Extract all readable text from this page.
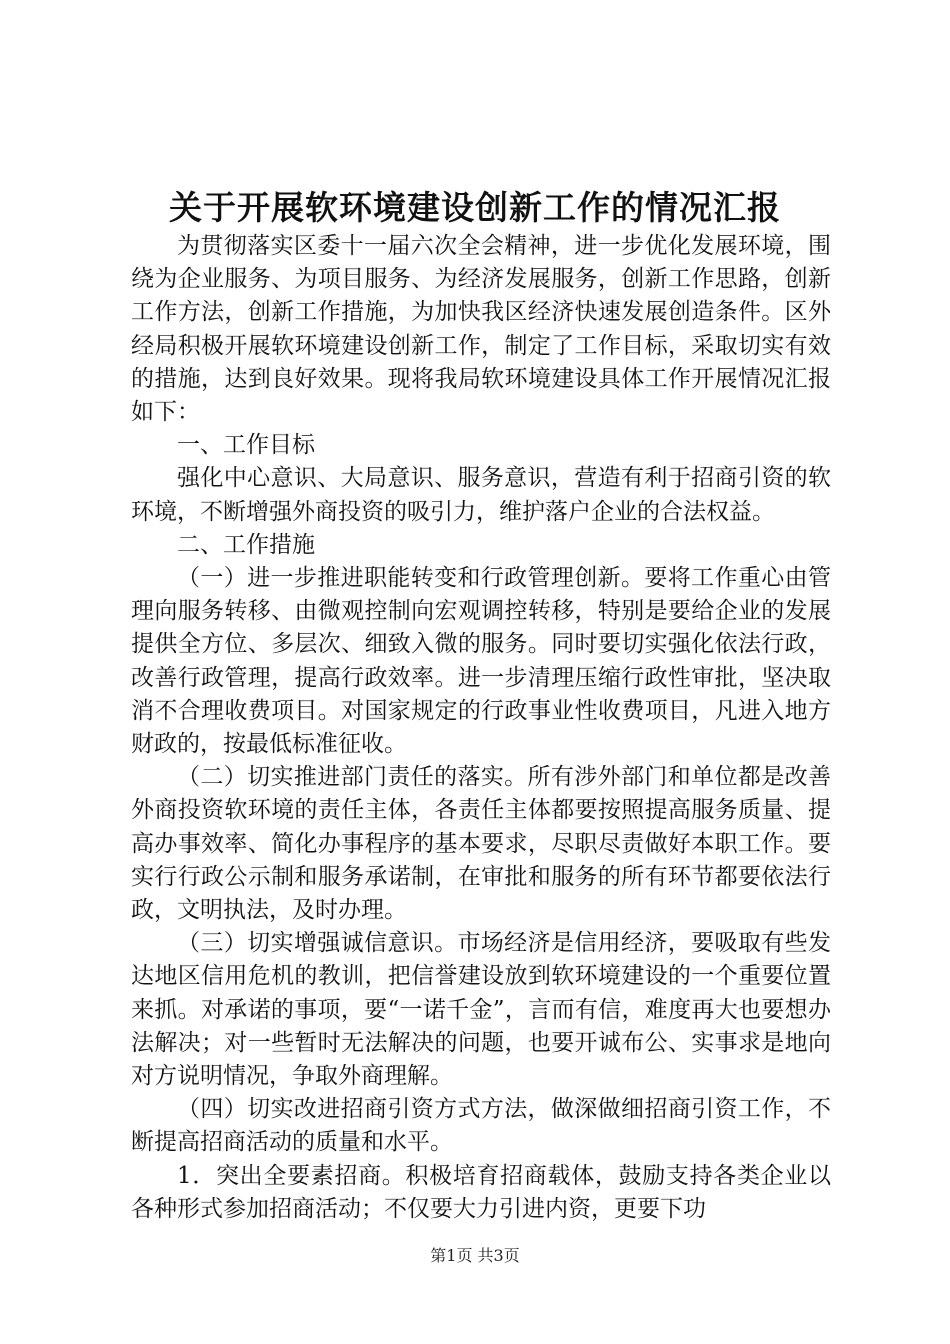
关于开展软环境建设创新工作的情况汇报

为贯彻落实区委十一届六次全会精神，进一步优化发展环境，围绕为企业服务、为项目服务、为经济发展服务，创新工作思路，创新工作方法，创新工作措施，为加快我区经济快速发展创造条件。区外经局积极开展软环境建设创新工作，制定了工作目标，采取切实有效的措施，达到良好效果。现将我局软环境建设具体工作开展情况汇报如下：

一、工作目标

强化中心意识、大局意识、服务意识，营造有利于招商引资的软环境，不断增强外商投资的吸引力，维护落户企业的合法权益。

二、工作措施

（一）进一步推进职能转变和行政管理创新。要将工作重心由管理向服务转移、由微观控制向宏观调控转移，特别是要给企业的发展提供全方位、多层次、细致入微的服务。同时要切实强化依法行政，改善行政管理，提高行政效率。进一步清理压缩行政性审批，坚决取消不合理收费项目。对国家规定的行政事业性收费项目，凡进入地方财政的，按最低标准征收。

（二）切实推进部门责任的落实。所有涉外部门和单位都是改善外商投资软环境的责任主体，各责任主体都要按照提高服务质量、提高办事效率、简化办事程序的基本要求，尽职尽责做好本职工作。要实行行政公示制和服务承诺制，在审批和服务的所有环节都要依法行政，文明执法，及时办理。

（三）切实增强诚信意识。市场经济是信用经济，要吸取有些发达地区信用危机的教训，把信誉建设放到软环境建设的一个重要位置来抓。对承诺的事项，要“一诺千金”，言而有信，难度再大也要想办法解决；对一些暂时无法解决的问题，也要开诚布公、实事求是地向对方说明情况，争取外商理解。

（四）切实改进招商引资方式方法，做深做细招商引资工作，不断提高招商活动的质量和水平。

1．突出全要素招商。积极培育招商载体，鼓励支持各类企业以各种形式参加招商活动；不仅要大力引进内资，更要下功

第1页 共3页
